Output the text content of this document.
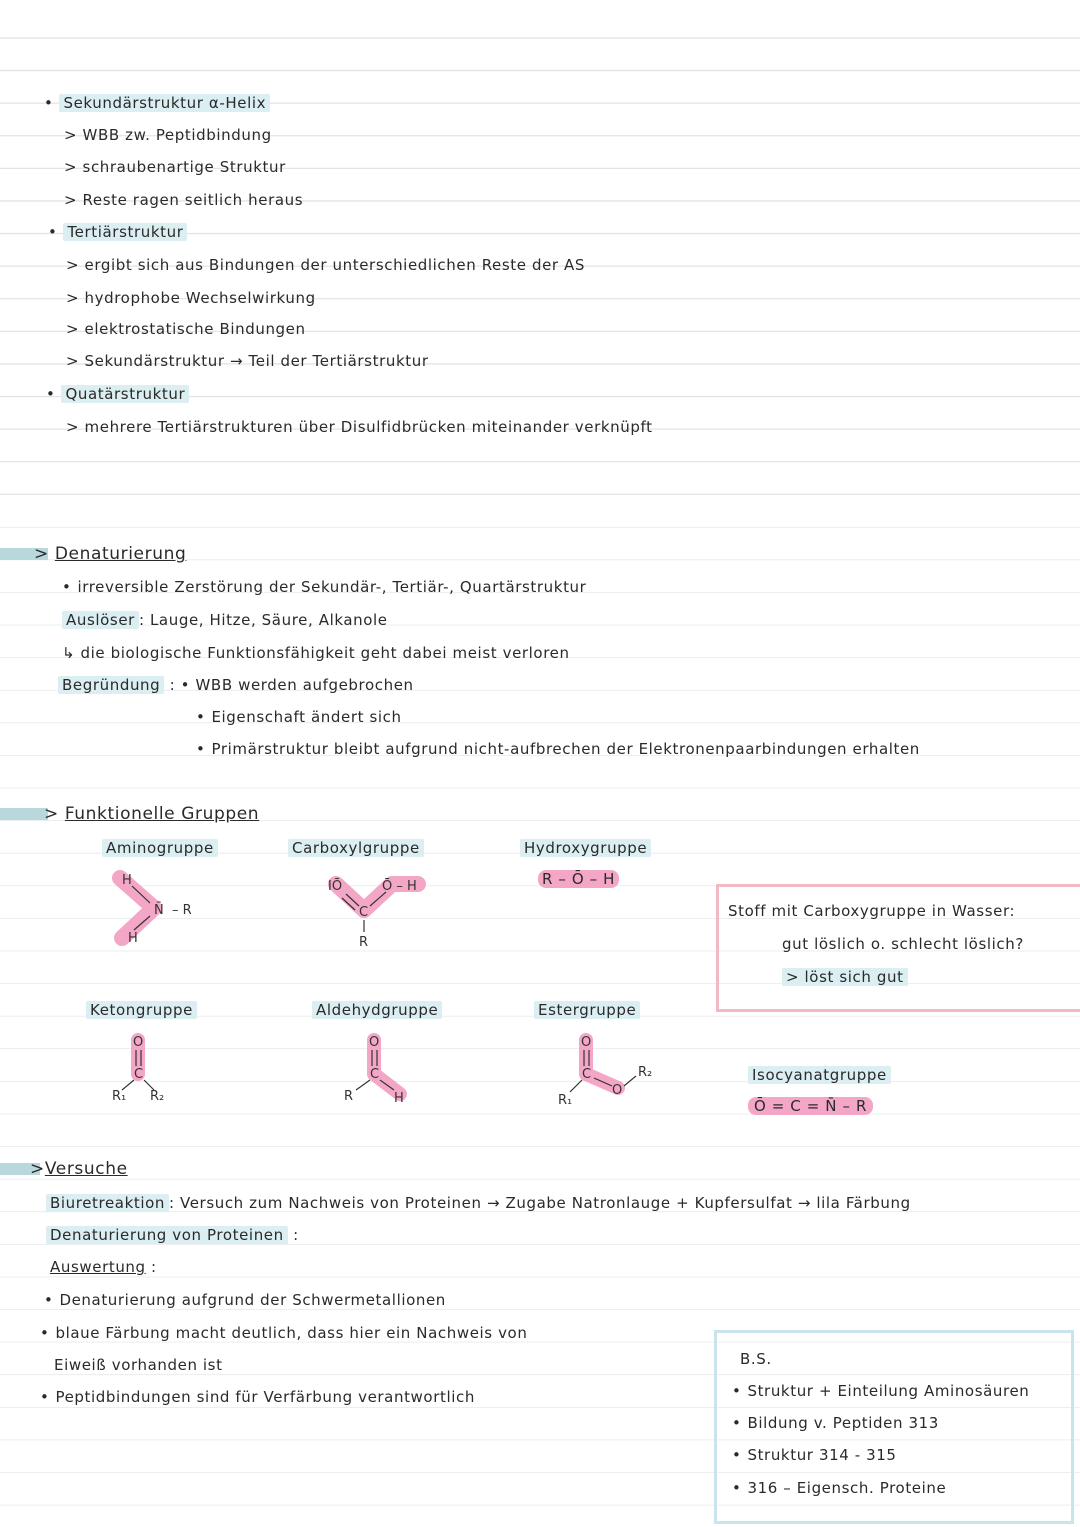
• Sekundärstruktur α-Helix
> WBB zw. Peptidbindung
> schraubenartige Struktur
> Reste ragen seitlich heraus
• Tertiärstruktur
> ergibt sich aus Bindungen der unterschiedlichen Reste der AS
> hydrophobe Wechselwirkung
> elektrostatische Bindungen
> Sekundärstruktur → Teil der Tertiärstruktur
• Quatärstruktur
> mehrere Tertiärstrukturen über Disulfidbrücken miteinander verknüpft
> Denaturierung
• irreversible Zerstörung der Sekundär-, Tertiär-, Quartärstruktur
Auslöser : Lauge, Hitze, Säure, Alkanole
↳ die biologische Funktionsfähigkeit geht dabei meist verloren
Begründung : • WBB werden aufgebrochen
• Eigenschaft ändert sich
• Primärstruktur bleibt aufgrund nicht-aufbrechen der Elektronenpaarbindungen erhalten
> Funktionelle Gruppen
Aminogruppe	Carboxylgruppe	Hydroxygruppe
H
N̄
H
– R
IŌ
C
Ō – H
R
R – Ō – H
Stoff mit Carboxygruppe in Wasser:
gut löslich o. schlecht löslich?
> löst sich gut
Ketongruppe	Aldehydgruppe	Estergruppe
O
C
R₁ R₂
O
C
R	H
O
C
O
R₂
R₁
Isocyanatgruppe
Ō = C = N̄ – R
>Versuche
Biuretreaktion : Versuch zum Nachweis von Proteinen → Zugabe Natronlauge + Kupfersulfat → lila Färbung
Denaturierung von Proteinen :
Auswertung :
• Denaturierung aufgrund der Schwermetallionen
• blaue Färbung macht deutlich, dass hier ein Nachweis von
Eiweiß vorhanden ist
• Peptidbindungen sind für Verfärbung verantwortlich
B.S.
• Struktur + Einteilung Aminosäuren
• Bildung v. Peptiden 313
• Struktur 314 - 315
• 316 – Eigensch. Proteine
